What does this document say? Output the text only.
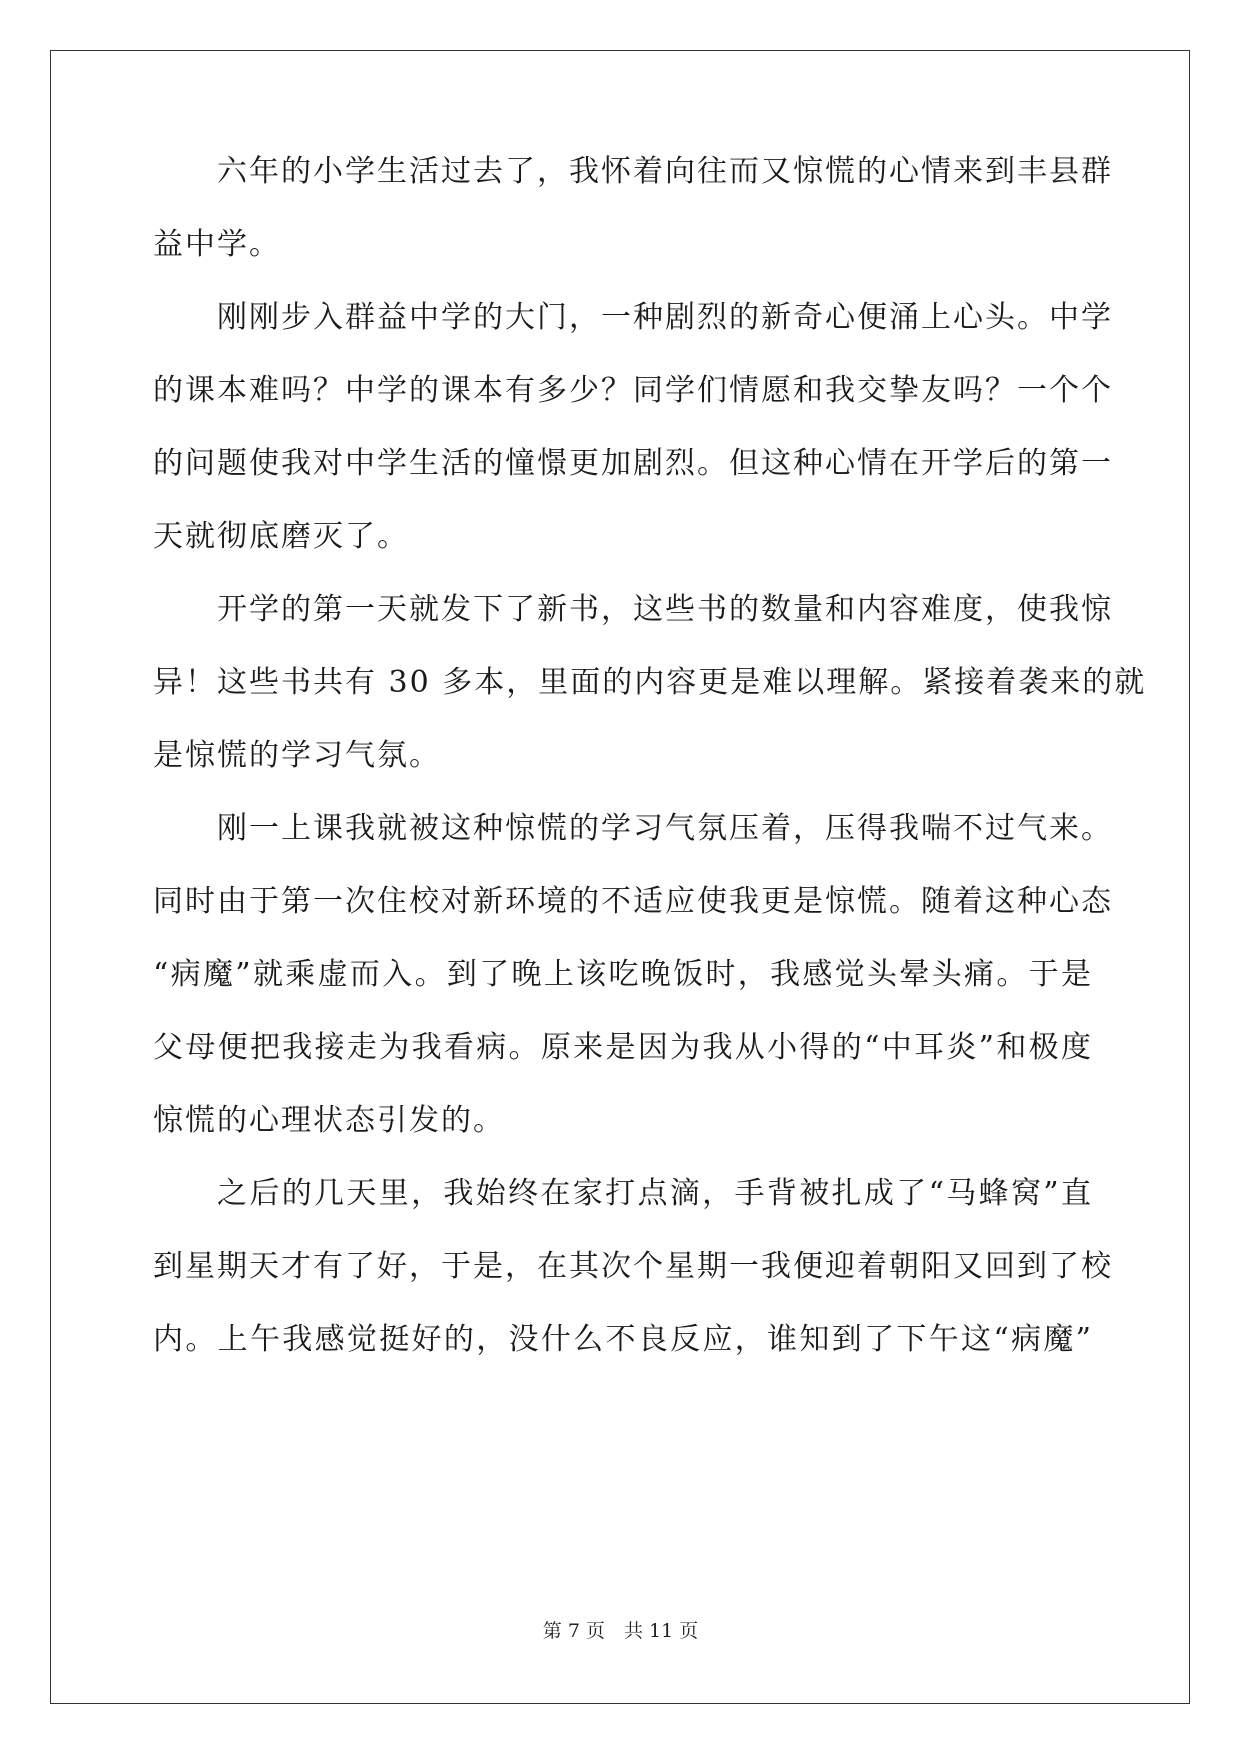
六年的小学生活过去了，我怀着向往而又惊慌的心情来到丰县群
益中学。
刚刚步入群益中学的大门，一种剧烈的新奇心便涌上心头。中学
的课本难吗？中学的课本有多少？同学们情愿和我交挚友吗？一个个
的问题使我对中学生活的憧憬更加剧烈。但这种心情在开学后的第一
天就彻底磨灭了。
开学的第一天就发下了新书，这些书的数量和内容难度，使我惊
异！这些书共有 30 多本，里面的内容更是难以理解。紧接着袭来的就
是惊慌的学习气氛。
刚一上课我就被这种惊慌的学习气氛压着，压得我喘不过气来。
同时由于第一次住校对新环境的不适应使我更是惊慌。随着这种心态
“病魔”就乘虚而入。到了晚上该吃晚饭时，我感觉头晕头痛。于是
父母便把我接走为我看病。原来是因为我从小得的“中耳炎”和极度
惊慌的心理状态引发的。
之后的几天里，我始终在家打点滴，手背被扎成了“马蜂窝”直
到星期天才有了好，于是，在其次个星期一我便迎着朝阳又回到了校
内。上午我感觉挺好的，没什么不良反应，谁知到了下午这“病魔”
第 7 页　共 11 页
